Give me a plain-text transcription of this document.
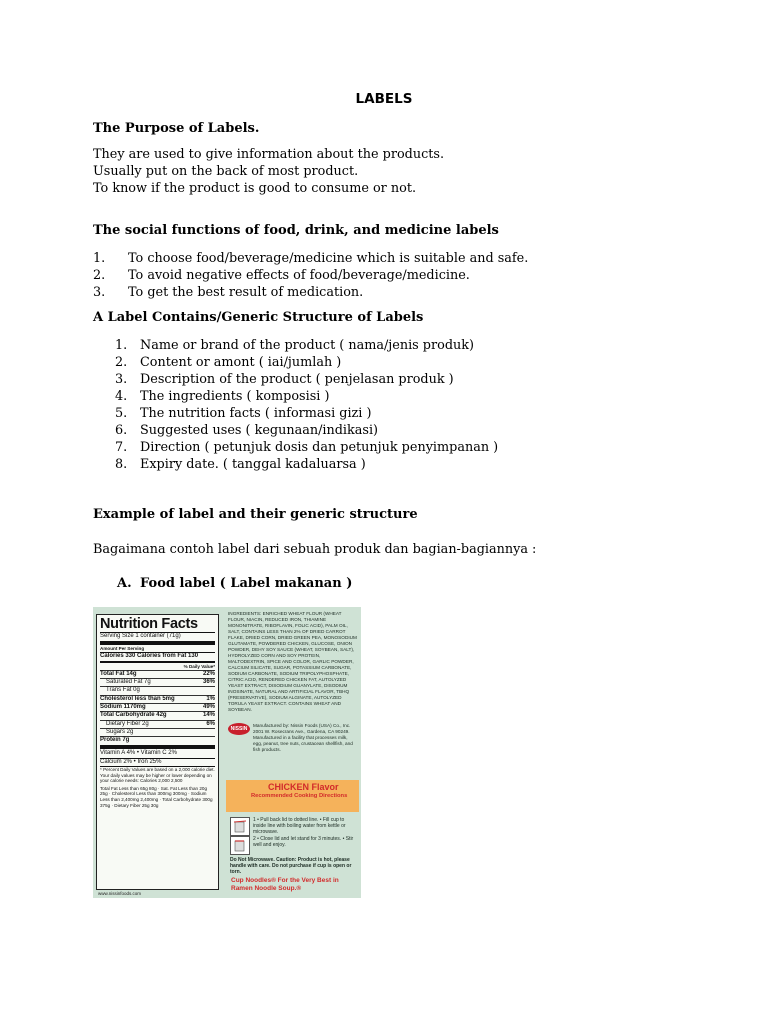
LABELS
The Purpose of Labels.
They are used to give information about the products.
Usually put on the back of most product.
To know if the product is good to consume or not.
The social functions of food, drink, and medicine labels
1.	To choose food/beverage/medicine which is suitable and safe.
2.	To avoid negative effects of food/beverage/medicine.
3.	To get the best result of medication.
A Label Contains/Generic Structure of Labels
1. Name or brand of the product ( nama/jenis produk)
2. Content or amont ( iai/jumlah )
3. Description of the product ( penjelasan produk )
4. The ingredients ( komposisi )
5. The nutrition facts ( informasi gizi )
6. Suggested uses ( kegunaan/indikasi)
7. Direction ( petunjuk dosis dan petunjuk penyimpanan )
8. Expiry date. ( tanggal kadaluarsa )
Example of label and their generic structure
Bagaimana contoh label dari sebuah produk dan bagian-bagiannya :
A. Food label ( Label makanan )
Nutrition Facts
Serving Size 1 container (71g)
Amount Per Serving
Calories 330 Calories from Fat 130
% Daily Value*
Total Fat 14g	22%
Saturated Fat 7g	36%
Trans Fat 0g
Cholesterol less than 5mg	1%
Sodium 1170mg	49%
Total Carbohydrate 42g	14%
Dietary Fiber 2g	6%
Sugars 2g
Protein 7g
Vitamin A 4% • Vitamin C 2%
Calcium 2% • Iron 25%
* Percent Daily Values are based on a 2,000 calorie diet. Your daily values may be higher or lower depending on your calorie needs: Calories 2,000 2,500
Total Fat Less than 65g 80g · Sat. Fat Less than 20g 25g · Cholesterol Less than 300mg 300mg · Sodium Less than 2,400mg 2,400mg · Total Carbohydrate 300g 375g · Dietary Fiber 25g 30g
www.nissinfoods.com
INGREDIENTS: ENRICHED WHEAT FLOUR (WHEAT FLOUR, NIACIN, REDUCED IRON, THIAMINE MONONITRATE, RIBOFLAVIN, FOLIC ACID), PALM OIL, SALT, CONTAINS LESS THAN 2% OF DRIED CARROT FLAKE, DRIED CORN, DRIED GREEN PEA, MONOSODIUM GLUTAMATE, POWDERED CHICKEN, GLUCOSE, ONION POWDER, DEHY SOY SAUCE (WHEAT, SOYBEAN, SALT), HYDROLYZED CORN AND SOY PROTEIN, MALTODEXTRIN, SPICE AND COLOR, GARLIC POWDER, CALCIUM SILICATE, SUGAR, POTASSIUM CARBONATE, SODIUM CARBONATE, SODIUM TRIPOLYPHOSPHATE, CITRIC ACID, RENDERED CHICKEN FAT, AUTOLYZED YEAST EXTRACT, DISODIUM GUANYLATE, DISODIUM INOSINATE, NATURAL AND ARTIFICIAL FLAVOR, TBHQ (PRESERVATIVE), SODIUM ALGINATE, AUTOLYZED TORULA YEAST EXTRACT. CONTAINS WHEAT AND SOYBEAN.
NISSIN
Manufactured by: Nissin Foods (USA) Co., Inc. 2001 W. Rosecrans Ave., Gardena, CA 90249. Manufactured in a facility that processes milk, egg, peanut, tree nuts, crustacean shellfish, and fish products.
CHICKEN Flavor
Recommended Cooking Directions
1 • Pull back lid to dotted line. • Fill cup to inside line with boiling water from kettle or microwave.
2 • Close lid and let stand for 3 minutes. • Stir well and enjoy.
Do Not Microwave. Caution: Product is hot, please handle with care. Do not purchase if cup is open or torn.
Cup Noodles® For the Very Best in Ramen Noodle Soup.®
